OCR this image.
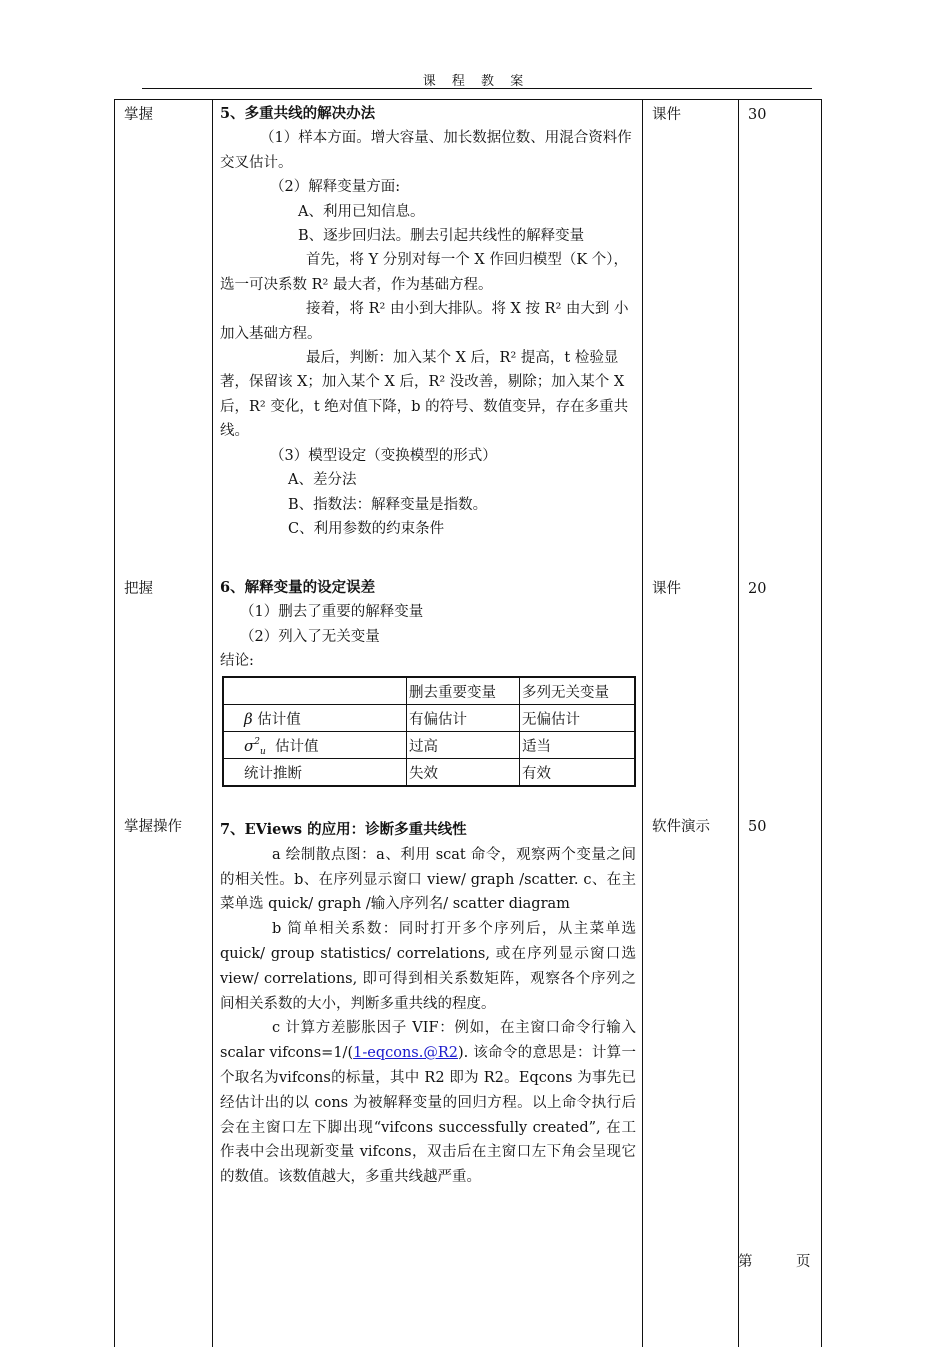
课 程 教 案
掌握	课件	30

5、多重共线的解决办法

（1）样本方面。增大容量、加长数据位数、用混合资料作交叉估计。

（2）解释变量方面:

A、利用已知信息。

B、逐步回归法。删去引起共线性的解释变量

首先，将 Y 分别对每一个 X 作回归模型（K 个），选一可决系数 R² 最大者，作为基础方程。

接着，将 R² 由小到大排队。将 X 按 R² 由大到 小加入基础方程。

最后，判断：加入某个 X 后，R² 提高，t 检验显著，保留该 X；加入某个 X 后，R² 没改善，剔除；加入某个 X 后，R² 变化，t 绝对值下降，b 的符号、数值变异，存在多重共线。

（3）模型设定（变换模型的形式）

A、差分法

B、指数法：解释变量是指数。

C、利用参数的约束条件

把握	课件	20

6、解释变量的设定误差

（1）删去了重要的解释变量

（2）列入了无关变量

结论:

	删去重要变量	多列无关变量
β 估计值	有偏估计	无偏估计
$\sigma^2_u$ 估计值	过高	适当
统计推断	失效	有效
掌握操作	软件演示	50

7、EViews 的应用：诊断多重共线性

a 绘制散点图：a、利用 scat 命令，观察两个变量之间的相关性。b、在序列显示窗口 view/ graph /scatter. c、在主菜单选 quick/ graph /输入序列名/ scatter diagram

b 简单相关系数：同时打开多个序列后，从主菜单选 quick/ group statistics/ correlations, 或在序列显示窗口选 view/ correlations, 即可得到相关系数矩阵，观察各个序列之间相关系数的大小，判断多重共线的程度。

c 计算方差膨胀因子 VIF：例如，在主窗口命令行输入 scalar vifcons=1/(1-eqcons.@R2). 该命令的意思是：计算一个取名为vifcons的标量，其中 R2 即为 R2。Eqcons 为事先已经估计出的以 cons 为被解释变量的回归方程。以上命令执行后会在主窗口左下脚出现“vifcons successfully created”, 在工作表中会出现新变量 vifcons，双击后在主窗口左下角会呈现它的数值。该数值越大，多重共线越严重。

第	页
